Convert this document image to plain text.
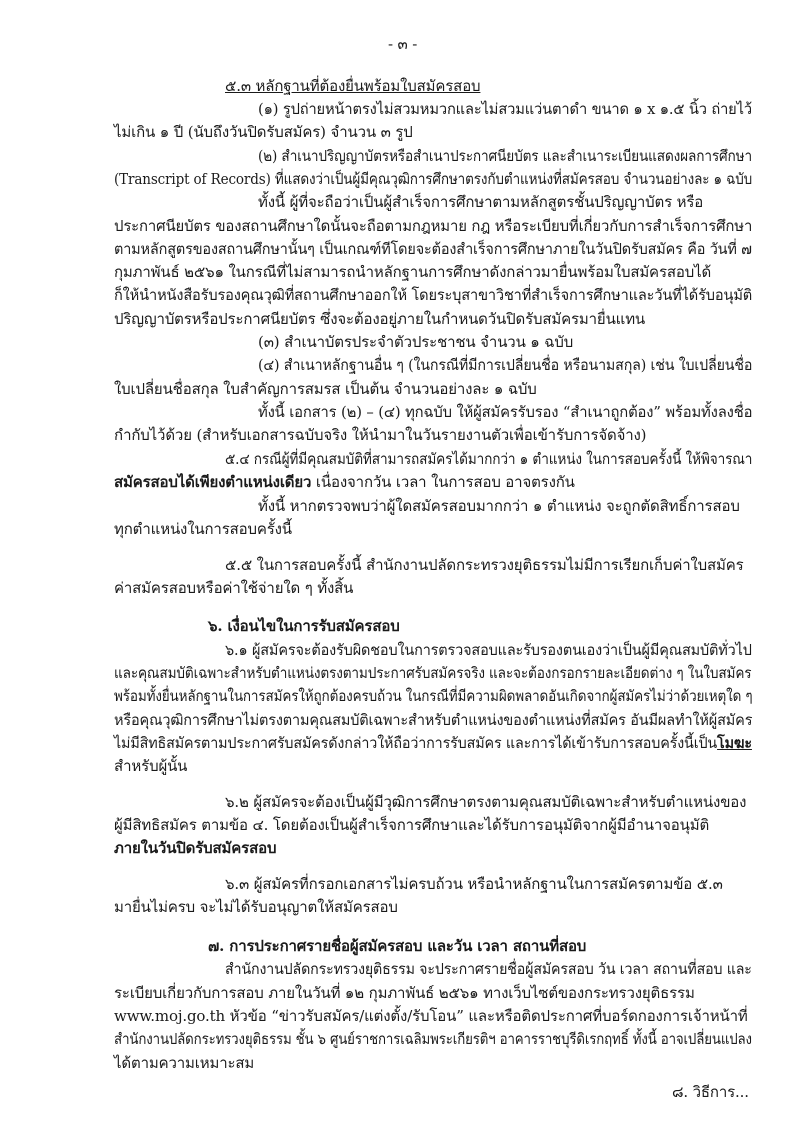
- ๓ -
๕.๓ หลักฐานที่ต้องยื่นพร้อมใบสมัครสอบ
(๑) รูปถ่ายหน้าตรงไม่สวมหมวกและไม่สวมแว่นตาดำ ขนาด ๑ x ๑.๕ นิ้ว ถ่ายไว้
ไม่เกิน ๑ ปี (นับถึงวันปิดรับสมัคร) จำนวน ๓ รูป
(๒) สำเนาปริญญาบัตรหรือสำเนาประกาศนียบัตร และสำเนาระเบียนแสดงผลการศึกษา
(Transcript of Records) ที่แสดงว่าเป็นผู้มีคุณวุฒิการศึกษาตรงกับตำแหน่งที่สมัครสอบ จำนวนอย่างละ ๑ ฉบับ
ทั้งนี้ ผู้ที่จะถือว่าเป็นผู้สำเร็จการศึกษาตามหลักสูตรชั้นปริญญาบัตร หรือ
ประกาศนียบัตร ของสถานศึกษาใดนั้นจะถือตามกฎหมาย กฎ หรือระเบียบที่เกี่ยวกับการสำเร็จการศึกษา
ตามหลักสูตรของสถานศึกษานั้นๆ เป็นเกณฑ์ทีโดยจะต้องสำเร็จการศึกษาภายในวันปิดรับสมัคร คือ วันที่ ๗
กุมภาพันธ์ ๒๕๖๑ ในกรณีที่ไม่สามารถนำหลักฐานการศึกษาดังกล่าวมายื่นพร้อมใบสมัครสอบได้
ก็ให้นำหนังสือรับรองคุณวุฒิที่สถานศึกษาออกให้ โดยระบุสาขาวิชาที่สำเร็จการศึกษาและวันที่ได้รับอนุมัติ
ปริญญาบัตรหรือประกาศนียบัตร ซึ่งจะต้องอยู่ภายในกำหนดวันปิดรับสมัครมายื่นแทน
(๓) สำเนาบัตรประจำตัวประชาชน จำนวน ๑ ฉบับ
(๔) สำเนาหลักฐานอื่น ๆ (ในกรณีที่มีการเปลี่ยนชื่อ หรือนามสกุล) เช่น ใบเปลี่ยนชื่อ
ใบเปลี่ยนชื่อสกุล ใบสำคัญการสมรส เป็นต้น จำนวนอย่างละ ๑ ฉบับ
ทั้งนี้ เอกสาร (๒) – (๔) ทุกฉบับ ให้ผู้สมัครรับรอง “สำเนาถูกต้อง” พร้อมทั้งลงชื่อ
กำกับไว้ด้วย (สำหรับเอกสารฉบับจริง ให้นำมาในวันรายงานตัวเพื่อเข้ารับการจัดจ้าง)
๕.๔ กรณีผู้ที่มีคุณสมบัติที่สามารถสมัครได้มากกว่า ๑ ตำแหน่ง ในการสอบครั้งนี้ ให้พิจารณา
สมัครสอบได้เพียงตำแหน่งเดียว เนื่องจากวัน เวลา ในการสอบ อาจตรงกัน
ทั้งนี้ หากตรวจพบว่าผู้ใดสมัครสอบมากกว่า ๑ ตำแหน่ง จะถูกตัดสิทธิ์การสอบ
ทุกตำแหน่งในการสอบครั้งนี้
๕.๕ ในการสอบครั้งนี้ สำนักงานปลัดกระทรวงยุติธรรมไม่มีการเรียกเก็บค่าใบสมัคร
ค่าสมัครสอบหรือค่าใช้จ่ายใด ๆ ทั้งสิ้น
๖. เงื่อนไขในการรับสมัครสอบ
๖.๑ ผู้สมัครจะต้องรับผิดชอบในการตรวจสอบและรับรองตนเองว่าเป็นผู้มีคุณสมบัติทั่วไป
และคุณสมบัติเฉพาะสำหรับตำแหน่งตรงตามประกาศรับสมัครจริง และจะต้องกรอกรายละเอียดต่าง ๆ ในใบสมัคร
พร้อมทั้งยื่นหลักฐานในการสมัครให้ถูกต้องครบถ้วน ในกรณีที่มีความผิดพลาดอันเกิดจากผู้สมัครไม่ว่าด้วยเหตุใด ๆ
หรือคุณวุฒิการศึกษาไม่ตรงตามคุณสมบัติเฉพาะสำหรับตำแหน่งของตำแหน่งที่สมัคร อันมีผลทำให้ผู้สมัคร
ไม่มีสิทธิสมัครตามประกาศรับสมัครดังกล่าวให้ถือว่าการรับสมัคร และการได้เข้ารับการสอบครั้งนี้เป็นโมฆะ
สำหรับผู้นั้น
๖.๒ ผู้สมัครจะต้องเป็นผู้มีวุฒิการศึกษาตรงตามคุณสมบัติเฉพาะสำหรับตำแหน่งของ
ผู้มีสิทธิสมัคร ตามข้อ ๔. โดยต้องเป็นผู้สำเร็จการศึกษาและได้รับการอนุมัติจากผู้มีอำนาจอนุมัติ
ภายในวันปิดรับสมัครสอบ
๖.๓ ผู้สมัครที่กรอกเอกสารไม่ครบถ้วน หรือนำหลักฐานในการสมัครตามข้อ ๕.๓
มายื่นไม่ครบ จะไม่ได้รับอนุญาตให้สมัครสอบ
๗. การประกาศรายชื่อผู้สมัครสอบ และวัน เวลา สถานที่สอบ
สำนักงานปลัดกระทรวงยุติธรรม จะประกาศรายชื่อผู้สมัครสอบ วัน เวลา สถานที่สอบ และ
ระเบียบเกี่ยวกับการสอบ ภายในวันที่ ๑๒ กุมภาพันธ์ ๒๕๖๑ ทางเว็บไซต์ของกระทรวงยุติธรรม
www.moj.go.th หัวข้อ “ข่าวรับสมัคร/แต่งตั้ง/รับโอน” และหรือติดประกาศที่บอร์ดกองการเจ้าหน้าที่
สำนักงานปลัดกระทรวงยุติธรรม ชั้น ๖ ศูนย์ราชการเฉลิมพระเกียรติฯ อาคารราชบุรีดิเรกฤทธิ์ ทั้งนี้ อาจเปลี่ยนแปลง
ได้ตามความเหมาะสม
๘. วิธีการ...
